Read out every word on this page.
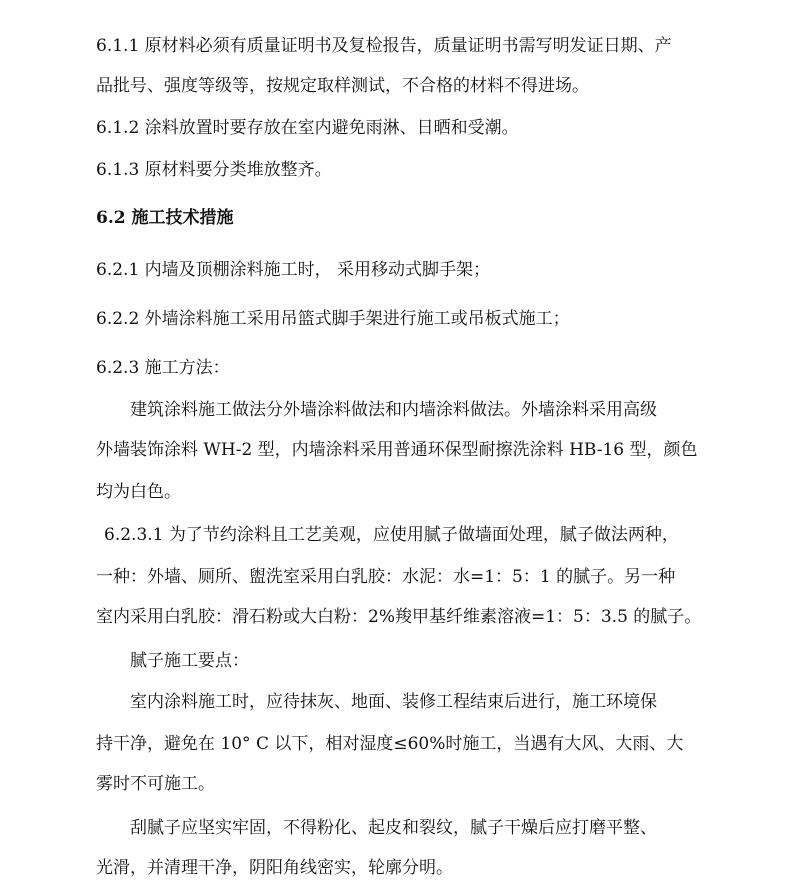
6.1.1 原材料必须有质量证明书及复检报告，质量证明书需写明发证日期、产
品批号、强度等级等，按规定取样测试，不合格的材料不得进场。
6.1.2 涂料放置时要存放在室内避免雨淋、日晒和受潮。
6.1.3 原材料要分类堆放整齐。
6.2 施工技术措施
6.2.1 内墙及顶棚涂料施工时， 采用移动式脚手架；
6.2.2 外墙涂料施工采用吊篮式脚手架进行施工或吊板式施工；
6.2.3 施工方法：
建筑涂料施工做法分外墙涂料做法和内墙涂料做法。外墙涂料采用高级
外墙装饰涂料 WH-2 型，内墙涂料采用普通环保型耐擦洗涂料 HB-16 型，颜色
均为白色。
6.2.3.1 为了节约涂料且工艺美观，应使用腻子做墙面处理，腻子做法两种，
一种：外墙、厕所、盥洗室采用白乳胶：水泥：水=1：5：1 的腻子。另一种
室内采用白乳胶：滑石粉或大白粉：2%羧甲基纤维素溶液=1：5：3.5 的腻子。
腻子施工要点：
室内涂料施工时，应待抹灰、地面、装修工程结束后进行，施工环境保
持干净，避免在 10° C 以下，相对湿度≤60%时施工，当遇有大风、大雨、大
雾时不可施工。
刮腻子应坚实牢固，不得粉化、起皮和裂纹，腻子干燥后应打磨平整、
光滑，并清理干净，阴阳角线密实，轮廓分明。
